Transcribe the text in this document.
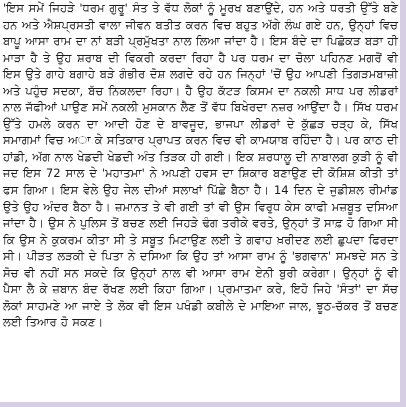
'ਇਸ ਸਮੇਂ ਜਿਹੜੇ 'ਧਰਮ ਗੁਰੂ' ਸੰਤ ਤੇ ਵੱਧ ਲੋਕਾਂ ਨੂੰ ਮੂਰਖ ਬਣਾਉਂਦੇ, ਹਨ ਅਤੇ ਧਰਤੀ ਉੱਤੇ ਬਣੇ ਹਨ ਅਤੇ ਐਸ਼ਪ੍ਰਸਤੀ ਵਾਲਾ ਜੀਵਨ ਬਤੀਤ ਕਰਨ ਵਿਚ ਬਹੁਤ ਅੱਗੇ ਲੰਘ ਗਏ ਹਨ, ਉਨ੍ਹਾਂ ਵਿਚ ਬਾਪੂ ਆਸਾ ਰਾਮ ਦਾ ਨਾਂ ਬੜੀ ਪ੍ਰਮੁੱਖਤਾ ਨਾਲ ਲਿਆ ਜਾਂਦਾ ਹੈ। ਇਸ ਬੰਦੇ ਦਾ ਪਿਛੋਕੜ ਬੜਾ ਹੀ ਮਾੜਾ ਹੈ ਤੇ ਉਹ ਸ਼ਰਾਬ ਦੀ ਵਿਕਰੀ ਕਰਦਾ ਰਿਹਾ ਹੈ ਪਰ ਧਰਮ ਦਾ ਚੋਲਾ ਪਹਿਨਣ ਮਗਰੋਂ ਵੀ ਇਸ ਉਤੇ ਗਾਹੇ ਬਗਾਹੇ ਬੜੇ ਗੰਭੀਰ ਦੋਸ਼ ਲਗਦੇ ਰਹੇ ਹਨ ਜਿਨ੍ਹਾਂ 'ਚੋਂ ਉਹ ਆਪਣੀ ਤਿਗੜਮਬਾਜ਼ੀ ਅਤੇ ਪਹੁੰਚ ਸਦਕਾ, ਬੱਚ ਨਿਕਲਦਾ ਰਿਹਾ। ਹੈ ਉਹ ਕੱਟੜ ਕਿਸਮ ਦਾ ਨਕਲੀ ਸਾਧ ਪਰ ਲੀਡਰਾਂ ਨਾਲ ਜੱਫੀਆਂ ਪਾਉਣ ਸਮੇਂ ਨਕਲੀ ਮੁਸਕਾਨ ਲੈਣ ਤੋਂ ਵੱਧ ਬਿਖੇਰਦਾ ਨਜ਼ਰ ਆਉਂਦਾ ਹੈ। ਸਿੱਖ ਧਰਮ ਉੱਤੇ ਹਮਲੇ ਕਰਨ ਦਾ ਆਦੀ ਹੋਣ ਦੇ ਬਾਵਜੂਦ, ਭਾਜਪਾ ਲੀਡਰਾਂ ਦੇ ਕੁੱਛੜ ਚੜ੍ਹ ਕੇ, ਸਿੱਖ ਸਮਾਗਮਾਂ ਵਿਚ ਅਾ ਕੇ ਸਤਿਕਾਰ ਪ੍ਰਾਪਤ ਕਰਨ ਵਿਚ ਵੀ ਕਾਮਯਾਬ ਰਹਿੰਦਾ ਹੈ। ਪਰ ਕਾਠ ਦੀ ਹਾਂਡੀ, ਅੱਗ ਨਾਲ ਖੇਡਦੀ ਖੇਡਦੀ ਅੰਤ ਤਿੜਕ ਹੀ ਗਈ। ਇਕ ਸ਼ਰਧਾਲੂ ਦੀ ਨਾਬਾਲਗ ਕੁੜੀ ਨੂੰ ਵੀ ਜਦ ਇਸ 72 ਸਾਲ ਦੇ 'ਮਹਾਤਮਾ' ਨੇ ਅਪਣੀ ਹਵਸ ਦਾ ਸ਼ਿਕਾਰ ਬਣਾਉਣ ਦੀ ਕੋਸ਼ਿਸ਼ ਕੀਤੀ ਤਾਂ ਫਸ ਗਿਆ। ਇਸ ਵੇਲੇ ਉਹ ਜੇਲ ਦੀਆਂ ਸਲਾਖਾਂ ਪਿੱਛੇ ਬੈਠਾ ਹੈ। 14 ਦਿਨ ਦੇ ਜੁਡੀਸ਼ਲ ਰੀਮਾਂਡ ਉਤੇ ਉਹ ਅੰਦਰ ਬੈਠਾ ਹੈ। ਜ਼ਮਾਨਤ ਤੇ ਵੀ ਗਈ ਤਾਂ ਵੀ ਉਸ ਵਿਰੁਧ ਕੇਸ ਕਾਫੀ ਮਜ਼ਬੂਤ ਦਸਿਆ ਜਾਂਦਾ ਹੈ। ਉਸ ਨੇ ਪੁਲਿਸ ਤੋਂ ਬਚਣ ਲਈ ਜਿਹੜੇ ਢੰਗ ਤਰੀਕੇ ਵਰਤੇ, ਉਨ੍ਹਾਂ ਤੋਂ ਸਾਫ਼ ਹੋ ਗਿਆ ਸੀ ਕਿ ਉਸ ਨੇ ਕੁਕਰਮ ਕੀਤਾ ਸੀ ਤੇ ਸਬੂਤ ਮਿਟਾਉਣ ਲਈ ਤੇ ਗਵਾਹ ਖ਼ਰੀਦਣ ਲਈ ਛੁਪਦਾ ਫਿਰਦਾ ਸੀ। ਪੀੜਤ ਲੜਕੀ ਦੇ ਪਿਤਾ ਨੇ ਦਸਿਆ ਕਿ ਉਹ ਤਾਂ ਆਸਾ ਰਾਮ ਨੂੰ 'ਭਗਵਾਨ' ਸਮਝਦੇ ਸਨ ਤੇ ਸੋਚ ਵੀ ਨਹੀਂ ਸਨ ਸਕਦੇ ਕਿ ਉਨ੍ਹਾਂ ਨਾਲ ਵੀ ਆਸਾ ਰਾਮ ਏਨੀ ਬੁਰੀ ਕਰੇਗਾ। ਉਨ੍ਹਾਂ ਨੂੰ ਵੀ ਪੈਸਾ ਲੈ ਕੇ ਜ਼ਬਾਨ ਬੰਦ ਰੱਖਣ ਲਈ ਕਿਹਾ ਗਿਆ। ਪ੍ਰਮਾਤਮਾ ਕਰੇ, ਇਹੋ ਜਿਹੇ 'ਸੰਤਾਂ' ਦਾ ਸੱਚ ਲੋਕਾਂ ਸਾਹਮਣੇ ਆ ਜਾਏ ਤੇ ਲੋਕ ਵੀ ਇਸ ਪਖੰਡੀ ਕਬੀਲੇ ਦੇ ਮਾਇਆ ਜਾਲ, ਝੂਠ-ਚੱਕਰ ਤੋਂ ਬਚਣ ਲਈ ਤਿਆਰ ਹੋ ਸਕਣ।
